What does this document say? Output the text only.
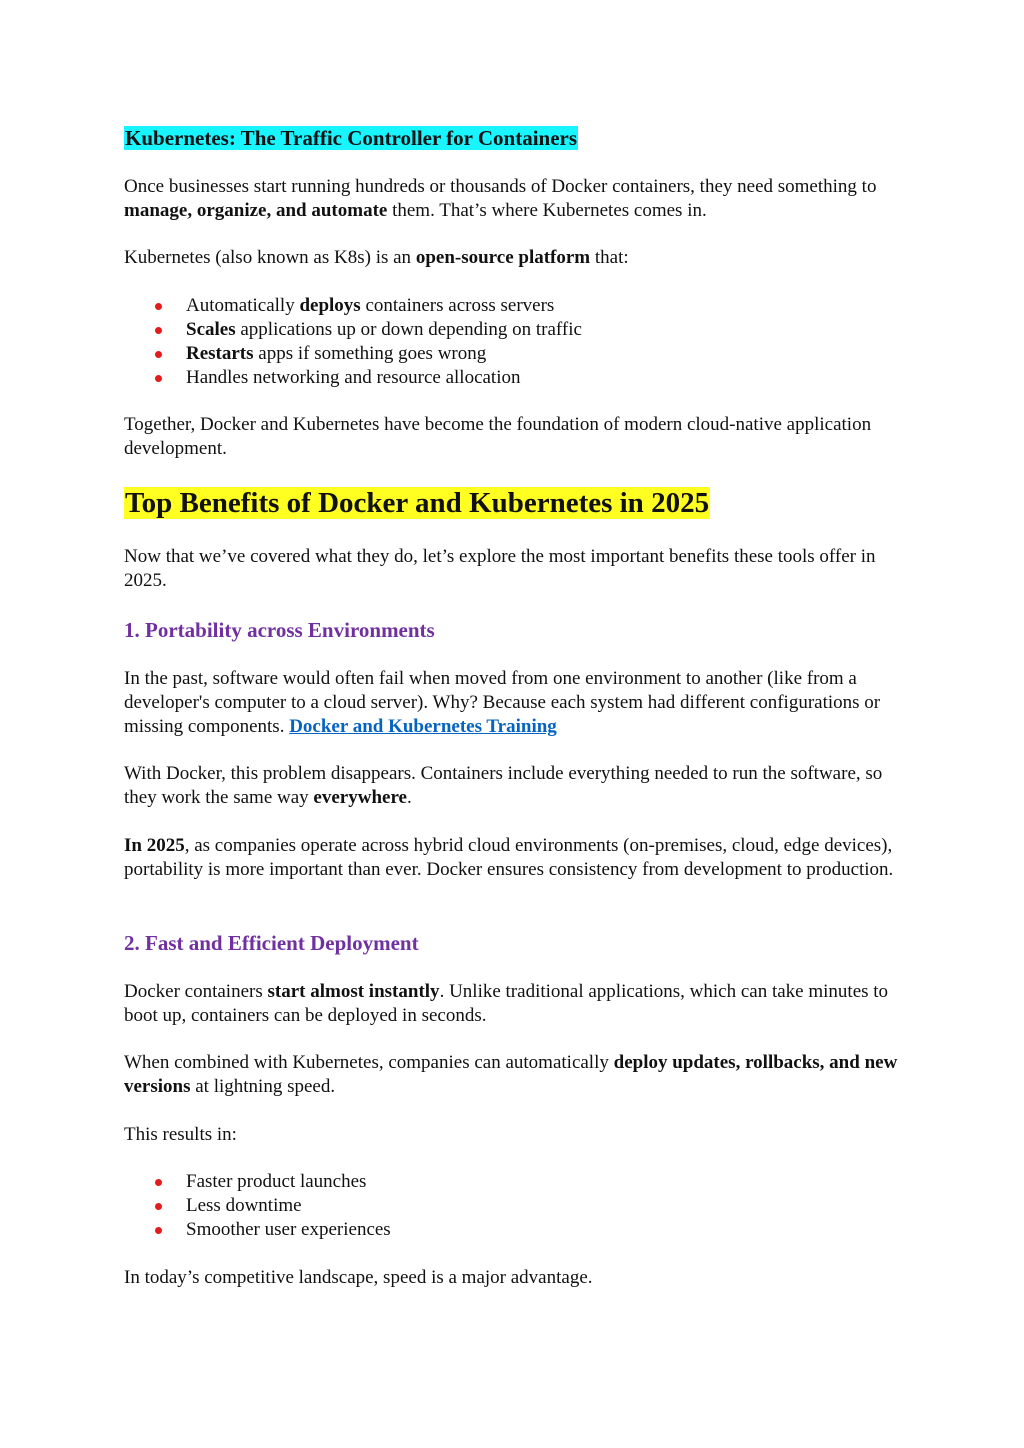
Kubernetes: The Traffic Controller for Containers

Once businesses start running hundreds or thousands of Docker containers, they need something to manage, organize, and automate them. That’s where Kubernetes comes in.

Kubernetes (also known as K8s) is an open-source platform that:

Automatically deploys containers across servers
Scales applications up or down depending on traffic
Restarts apps if something goes wrong
Handles networking and resource allocation

Together, Docker and Kubernetes have become the foundation of modern cloud-native application development.

Top Benefits of Docker and Kubernetes in 2025

Now that we’ve covered what they do, let’s explore the most important benefits these tools offer in 2025.

1. Portability across Environments

In the past, software would often fail when moved from one environment to another (like from a developer's computer to a cloud server). Why? Because each system had different configurations or missing components. Docker and Kubernetes Training

With Docker, this problem disappears. Containers include everything needed to run the software, so they work the same way everywhere.

In 2025, as companies operate across hybrid cloud environments (on-premises, cloud, edge devices), portability is more important than ever. Docker ensures consistency from development to production.

2. Fast and Efficient Deployment

Docker containers start almost instantly. Unlike traditional applications, which can take minutes to boot up, containers can be deployed in seconds.

When combined with Kubernetes, companies can automatically deploy updates, rollbacks, and new versions at lightning speed.

This results in:

Faster product launches
Less downtime
Smoother user experiences

In today’s competitive landscape, speed is a major advantage.
